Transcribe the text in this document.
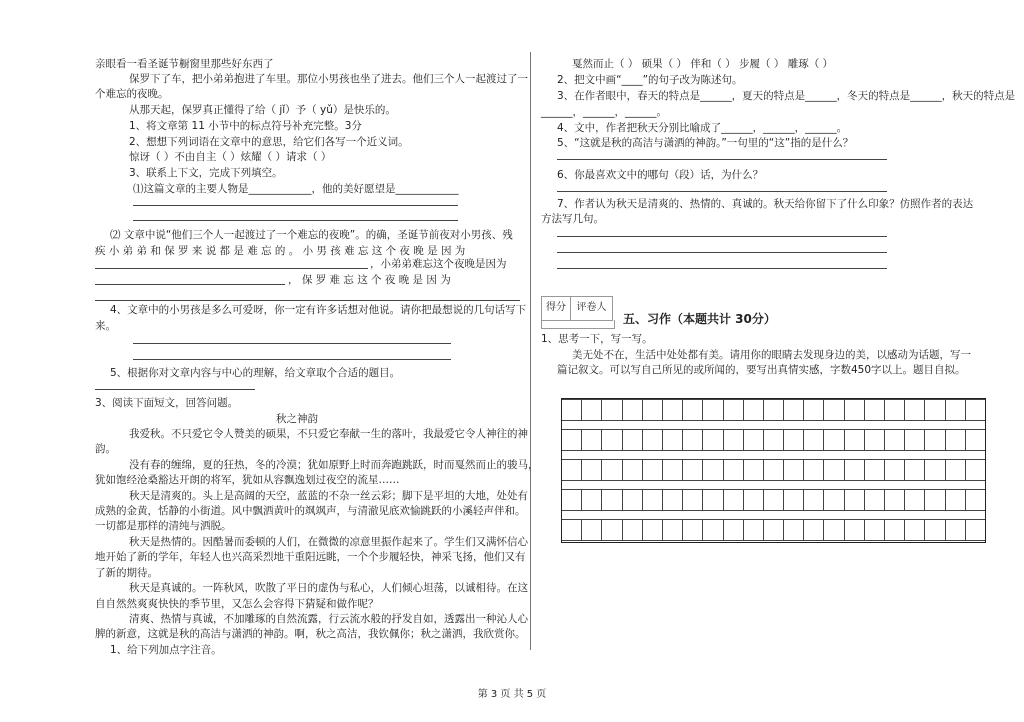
亲眼看一看圣诞节橱窗里那些好东西了
保罗下了车，把小弟弟抱进了车里。那位小男孩也坐了进去。他们三个人一起渡过了一
个难忘的夜晚。
从那天起，保罗真正懂得了给（ jǐ）予（ yǔ）是快乐的。
1、将文章第 11 小节中的标点符号补充完整。3分
2、想想下列词语在文章中的意思，给它们各写一个近义词。
惊讶（ ）不由自主（ ）炫耀（ ）请求（ ）
3、联系上下文，完成下列填空。
⑴这篇文章的主要人物是____________，他的美好愿望是____________
⑵ 文章中说“他们三个人一起渡过了一个难忘的夜晚”。的确，圣诞节前夜对小男孩、残
疾 小 弟 弟 和 保 罗 来 说 都 是 难 忘 的 。 小 男 孩 难 忘 这 个 夜 晚 是 因 为
，小弟弟难忘这个夜晚是因为
， 保 罗 难 忘 这 个 夜 晚 是 因 为
4、文章中的小男孩是多么可爱呀，你一定有许多话想对他说。请你把最想说的几句话写下
来。
5、根据你对文章内容与中心的理解，给文章取个合适的题目。
3、阅读下面短文，回答问题。
秋之神韵
我爱秋。不只爱它令人赞美的硕果，不只爱它奉献一生的落叶，我最爱它令人神往的神
韵。
没有春的缠绵，夏的狂热，冬的冷漠；犹如原野上时而奔跑跳跃，时而戛然而止的骏马，
犹如饱经沧桑豁达开朗的将军，犹如从容飘逸划过夜空的流星……
秋天是清爽的。头上是高阔的天空，蓝蓝的不杂一丝云彩；脚下是平坦的大地，处处有
成熟的金黄，恬静的小街道。风中飘洒黄叶的飒飒声，与清澈见底欢愉跳跃的小溪轻声伴和。
一切都是那样的清纯与洒脱。
秋天是热情的。因酷暑而委顿的人们，在微微的凉意里振作起来了。学生们又满怀信心
地开始了新的学年，年轻人也兴高采烈地干重阳远眺，一个个步履轻快，神采飞扬，他们又有
了新的期待。
秋天是真诚的。一阵秋风，吹散了平日的虚伪与私心，人们倾心坦荡，以诚相待。在这
自自然然爽爽快快的季节里，又怎么会容得下猜疑和做作呢？
清爽、热情与真诚，不加雕琢的自然流露，行云流水般的抒发自如，透露出一种沁人心
脾的新意，这就是秋的高洁与潇洒的神韵。啊，秋之高洁，我钦佩你；秋之潇洒，我欣赏你。
1、给下列加点字注音。
戛然而止（ ） 硕果（ ） 伴和（ ） 步履（ ） 雕琢（ ）
2、把文中画“____”的句子改为陈述句。
3、在作者眼中，春天的特点是______，夏天的特点是______，冬天的特点是______，秋天的特点是
______，______，______。
4、文中，作者把秋天分别比喻成了______，______，______。
5、“这就是秋的高洁与潇洒的神韵。”一句里的“这”指的是什么？
6、你最喜欢文中的哪句（段）话，为什么？
7、作者认为秋天是清爽的、热情的、真诚的。秋天给你留下了什么印象？仿照作者的表达
方法写几句。
得分	评卷人
五、习作（本题共计 30分）
1、思考一下，写一写。
美无处不在，生活中处处都有美。请用你的眼睛去发现身边的美，以感动为话题，写一
篇记叙文。可以写自己所见的或所闻的，要写出真情实感，字数450字以上。题目自拟。
第 3 页 共 5 页
